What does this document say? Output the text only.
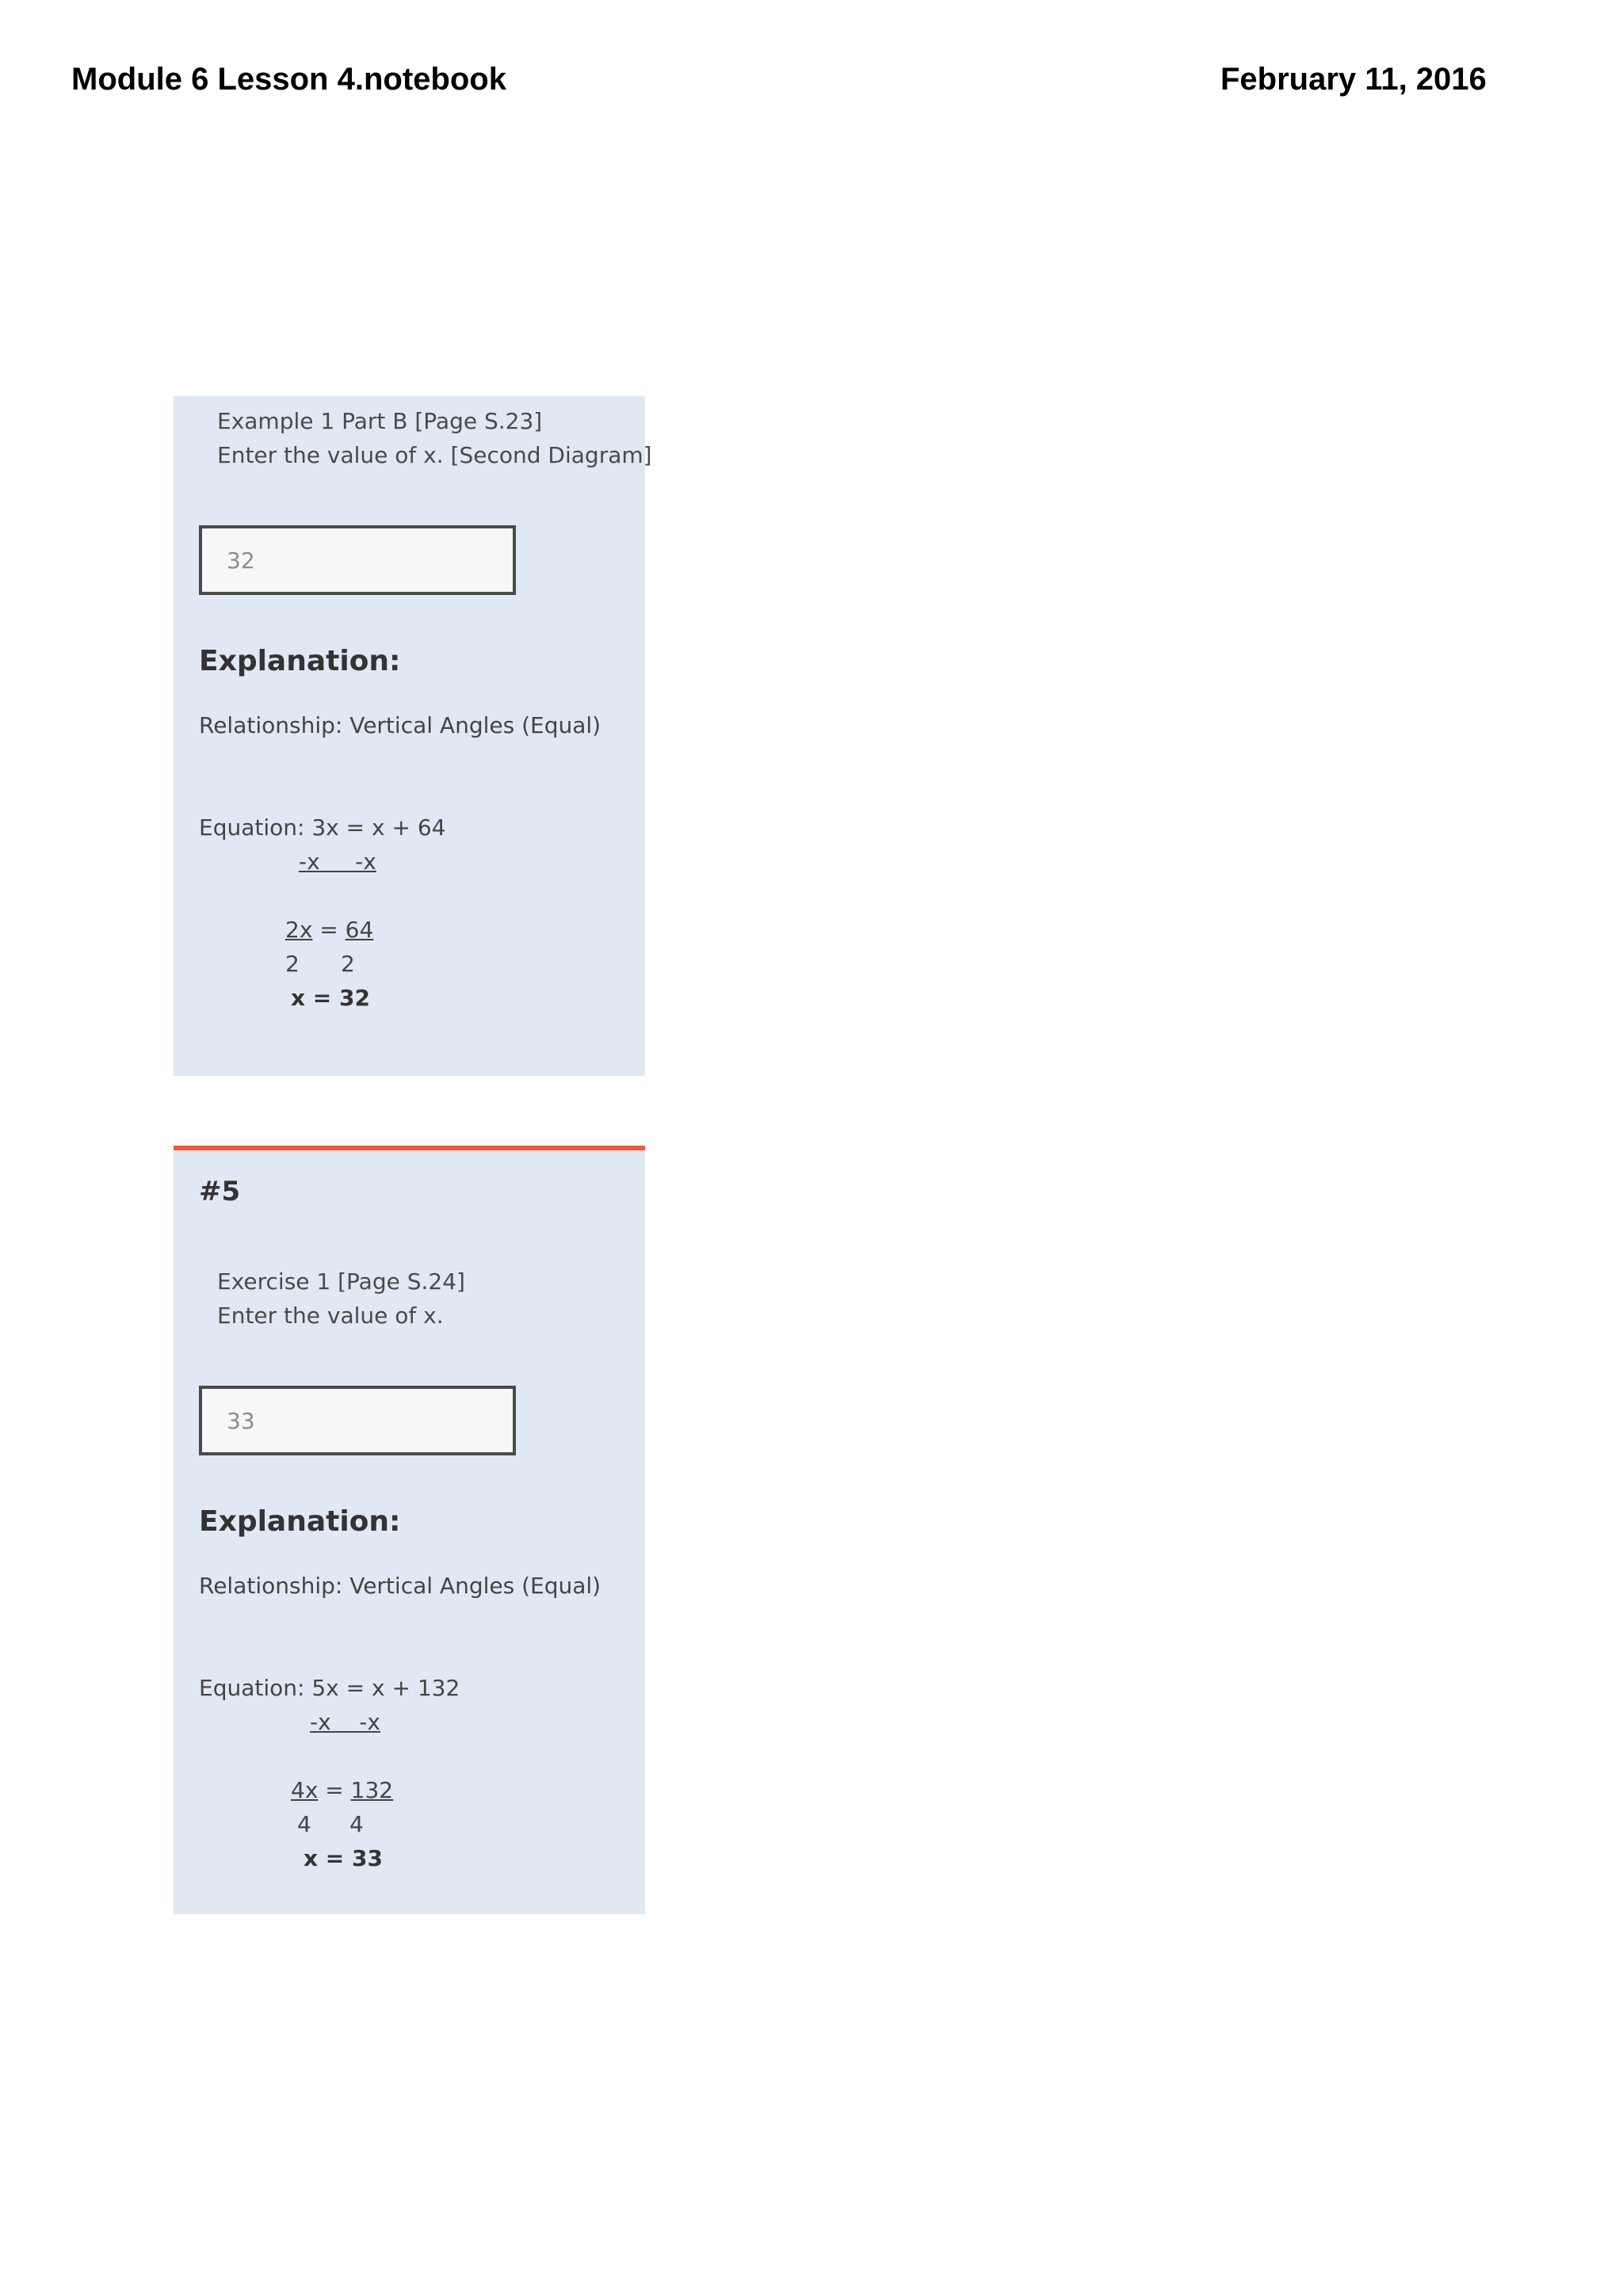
Module 6 Lesson 4.notebook	February 11, 2016
Example 1 Part B [Page S.23]
Enter the value of x. [Second Diagram]
32
Explanation:
Relationship: Vertical Angles (Equal)
Equation: 3x = x + 64
-x     -x
2x = 64
2 2
x = 32
#5
Exercise 1 [Page S.24]
Enter the value of x.
33
Explanation:
Relationship: Vertical Angles (Equal)
Equation: 5x = x + 132
-x    -x
4x = 132
4 4
x = 33
